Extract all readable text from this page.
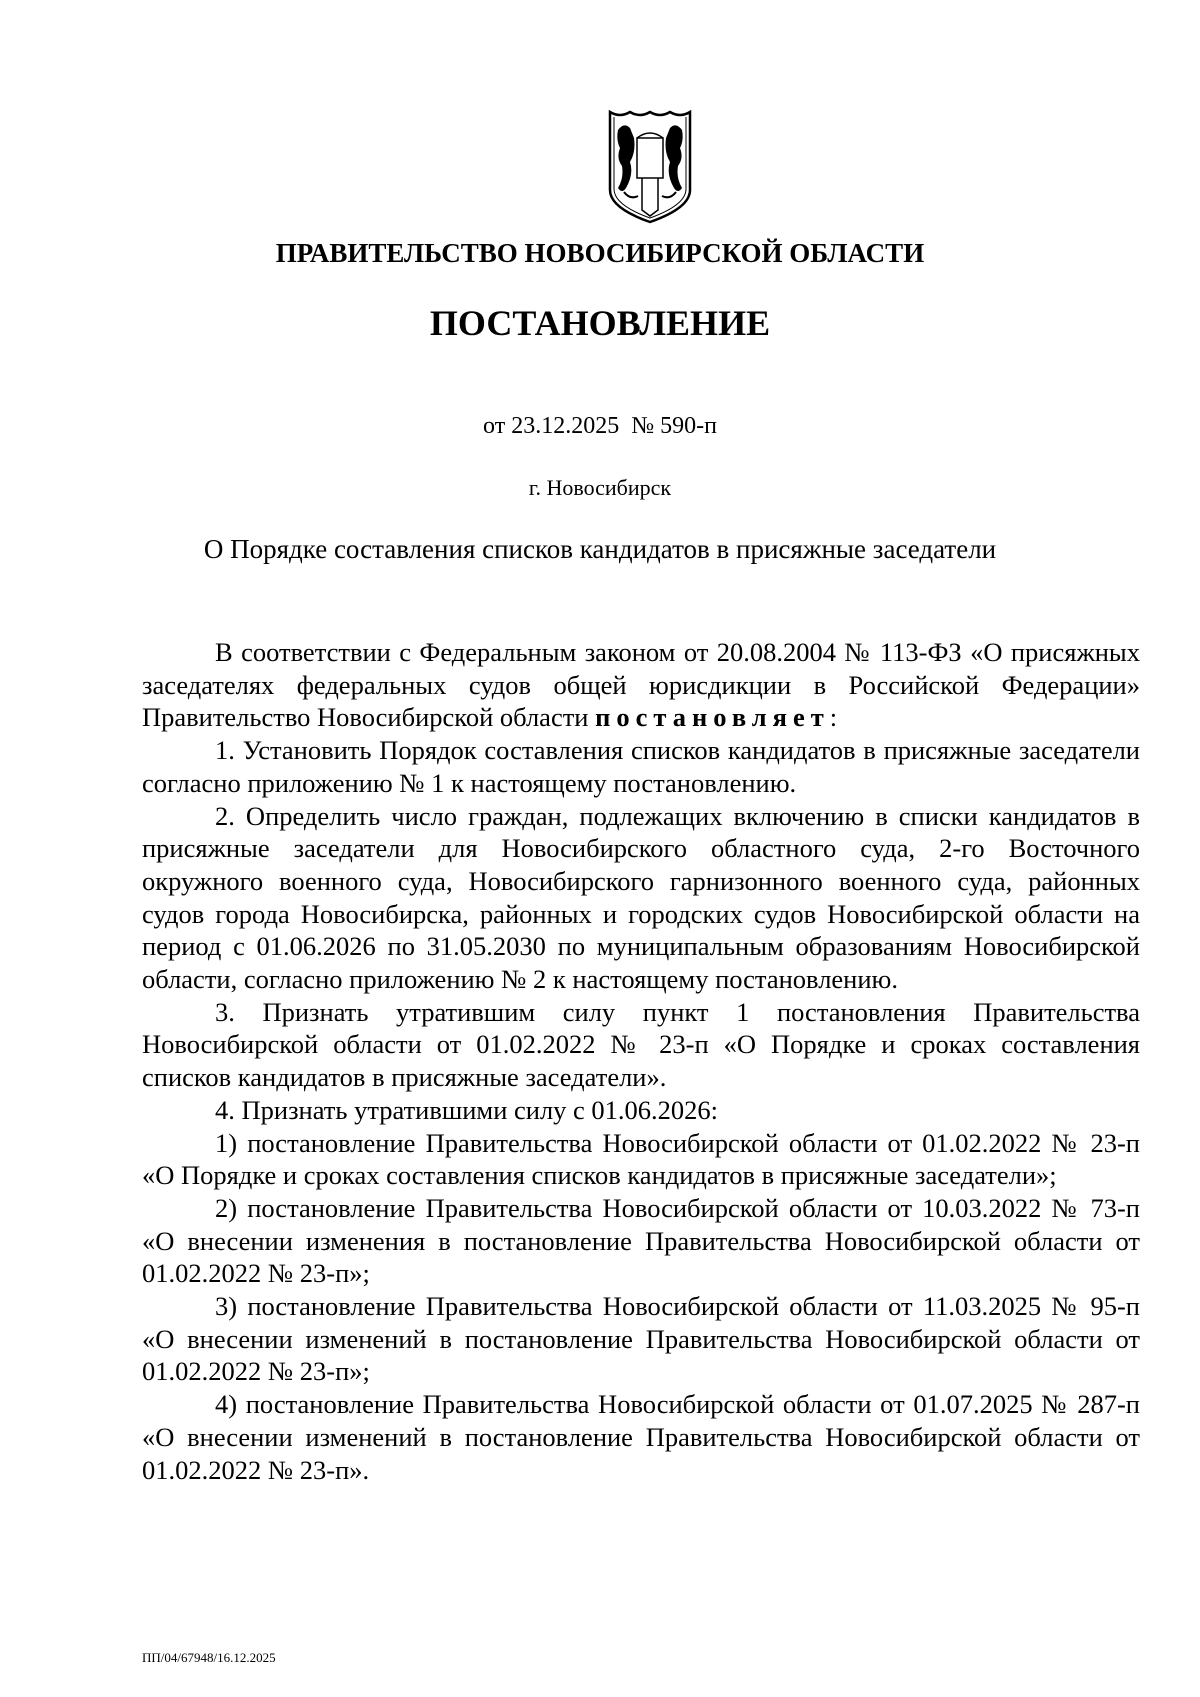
ПРАВИТЕЛЬСТВО НОВОСИБИРСКОЙ ОБЛАСТИ
ПОСТАНОВЛЕНИЕ
от 23.12.2025 № 590-п
г. Новосибирск
О Порядке составления списков кандидатов в присяжные заседатели

В соответствии с Федеральным законом от 20.08.2004 № 113-ФЗ «О присяжных заседателях федеральных судов общей юрисдикции в Российской Федерации» Правительство Новосибирской области постановляет:

1. Установить Порядок составления списков кандидатов в присяжные заседатели согласно приложению № 1 к настоящему постановлению.

2. Определить число граждан, подлежащих включению в списки кандидатов в присяжные заседатели для Новосибирского областного суда, 2-го Восточного окружного военного суда, Новосибирского гарнизонного военного суда, районных судов города Новосибирска, районных и городских судов Новосибирской области на период с 01.06.2026 по 31.05.2030 по муниципальным образованиям Новосибирской области, согласно приложению № 2 к настоящему постановлению.

3. Признать утратившим силу пункт 1 постановления Правительства Новосибирской области от 01.02.2022 № 23-п «О Порядке и сроках составления списков кандидатов в присяжные заседатели».

4. Признать утратившими силу с 01.06.2026:

1) постановление Правительства Новосибирской области от 01.02.2022 № 23-п «О Порядке и сроках составления списков кандидатов в присяжные заседатели»;

2) постановление Правительства Новосибирской области от 10.03.2022 № 73-п «О внесении изменения в постановление Правительства Новосибирской области от 01.02.2022 № 23-п»;

3) постановление Правительства Новосибирской области от 11.03.2025 № 95-п «О внесении изменений в постановление Правительства Новосибирской области от 01.02.2022 № 23-п»;

4) постановление Правительства Новосибирской области от 01.07.2025 № 287-п «О внесении изменений в постановление Правительства Новосибирской области от 01.02.2022 № 23-п».

ПП/04/67948/16.12.2025
